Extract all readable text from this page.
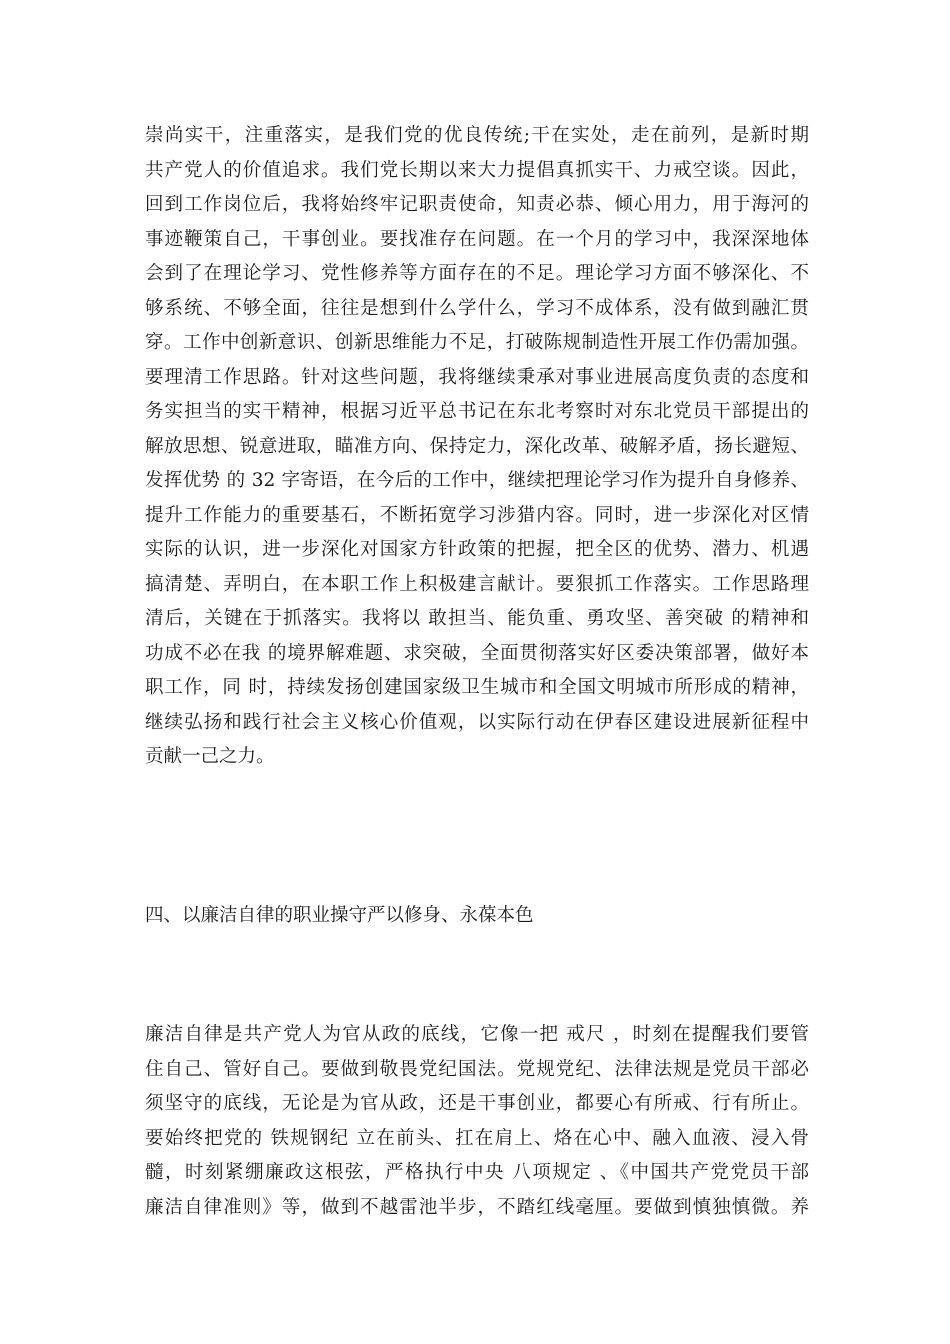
崇尚实干，注重落实，是我们党的优良传统;干在实处，走在前列，是新时期
共产党人的价值追求。我们党长期以来大力提倡真抓实干、力戒空谈。因此，
回到工作岗位后，我将始终牢记职责使命，知责必恭、倾心用力，用于海河的
事迹鞭策自己，干事创业。要找准存在问题。在一个月的学习中，我深深地体
会到了在理论学习、党性修养等方面存在的不足。理论学习方面不够深化、不
够系统、不够全面，往往是想到什么学什么，学习不成体系，没有做到融汇贯
穿。工作中创新意识、创新思维能力不足，打破陈规制造性开展工作仍需加强。
要理清工作思路。针对这些问题，我将继续秉承对事业进展高度负责的态度和
务实担当的实干精神，根据习近平总书记在东北考察时对东北党员干部提出的
解放思想、锐意进取，瞄准方向、保持定力，深化改革、破解矛盾，扬长避短、
发挥优势 的 32 字寄语，在今后的工作中，继续把理论学习作为提升自身修养、
提升工作能力的重要基石，不断拓宽学习涉猎内容。同时，进一步深化对区情
实际的认识，进一步深化对国家方针政策的把握，把全区的优势、潜力、机遇
搞清楚、弄明白，在本职工作上积极建言献计。要狠抓工作落实。工作思路理
清后，关键在于抓落实。我将以 敢担当、能负重、勇攻坚、善突破 的精神和
功成不必在我 的境界解难题、求突破，全面贯彻落实好区委决策部署，做好本
职工作，同 时，持续发扬创建国家级卫生城市和全国文明城市所形成的精神，
继续弘扬和践行社会主义核心价值观，以实际行动在伊春区建设进展新征程中
贡献一己之力。
四、以廉洁自律的职业操守严以修身、永葆本色
廉洁自律是共产党人为官从政的底线，它像一把 戒尺 ，时刻在提醒我们要管
住自己、管好自己。要做到敬畏党纪国法。党规党纪、法律法规是党员干部必
须坚守的底线，无论是为官从政，还是干事创业，都要心有所戒、行有所止。
要始终把党的 铁规钢纪 立在前头、扛在肩上、烙在心中、融入血液、浸入骨
髓，时刻紧绷廉政这根弦，严格执行中央 八项规定 、《中国共产党党员干部
廉洁自律准则》等，做到不越雷池半步，不踏红线毫厘。要做到慎独慎微。养
